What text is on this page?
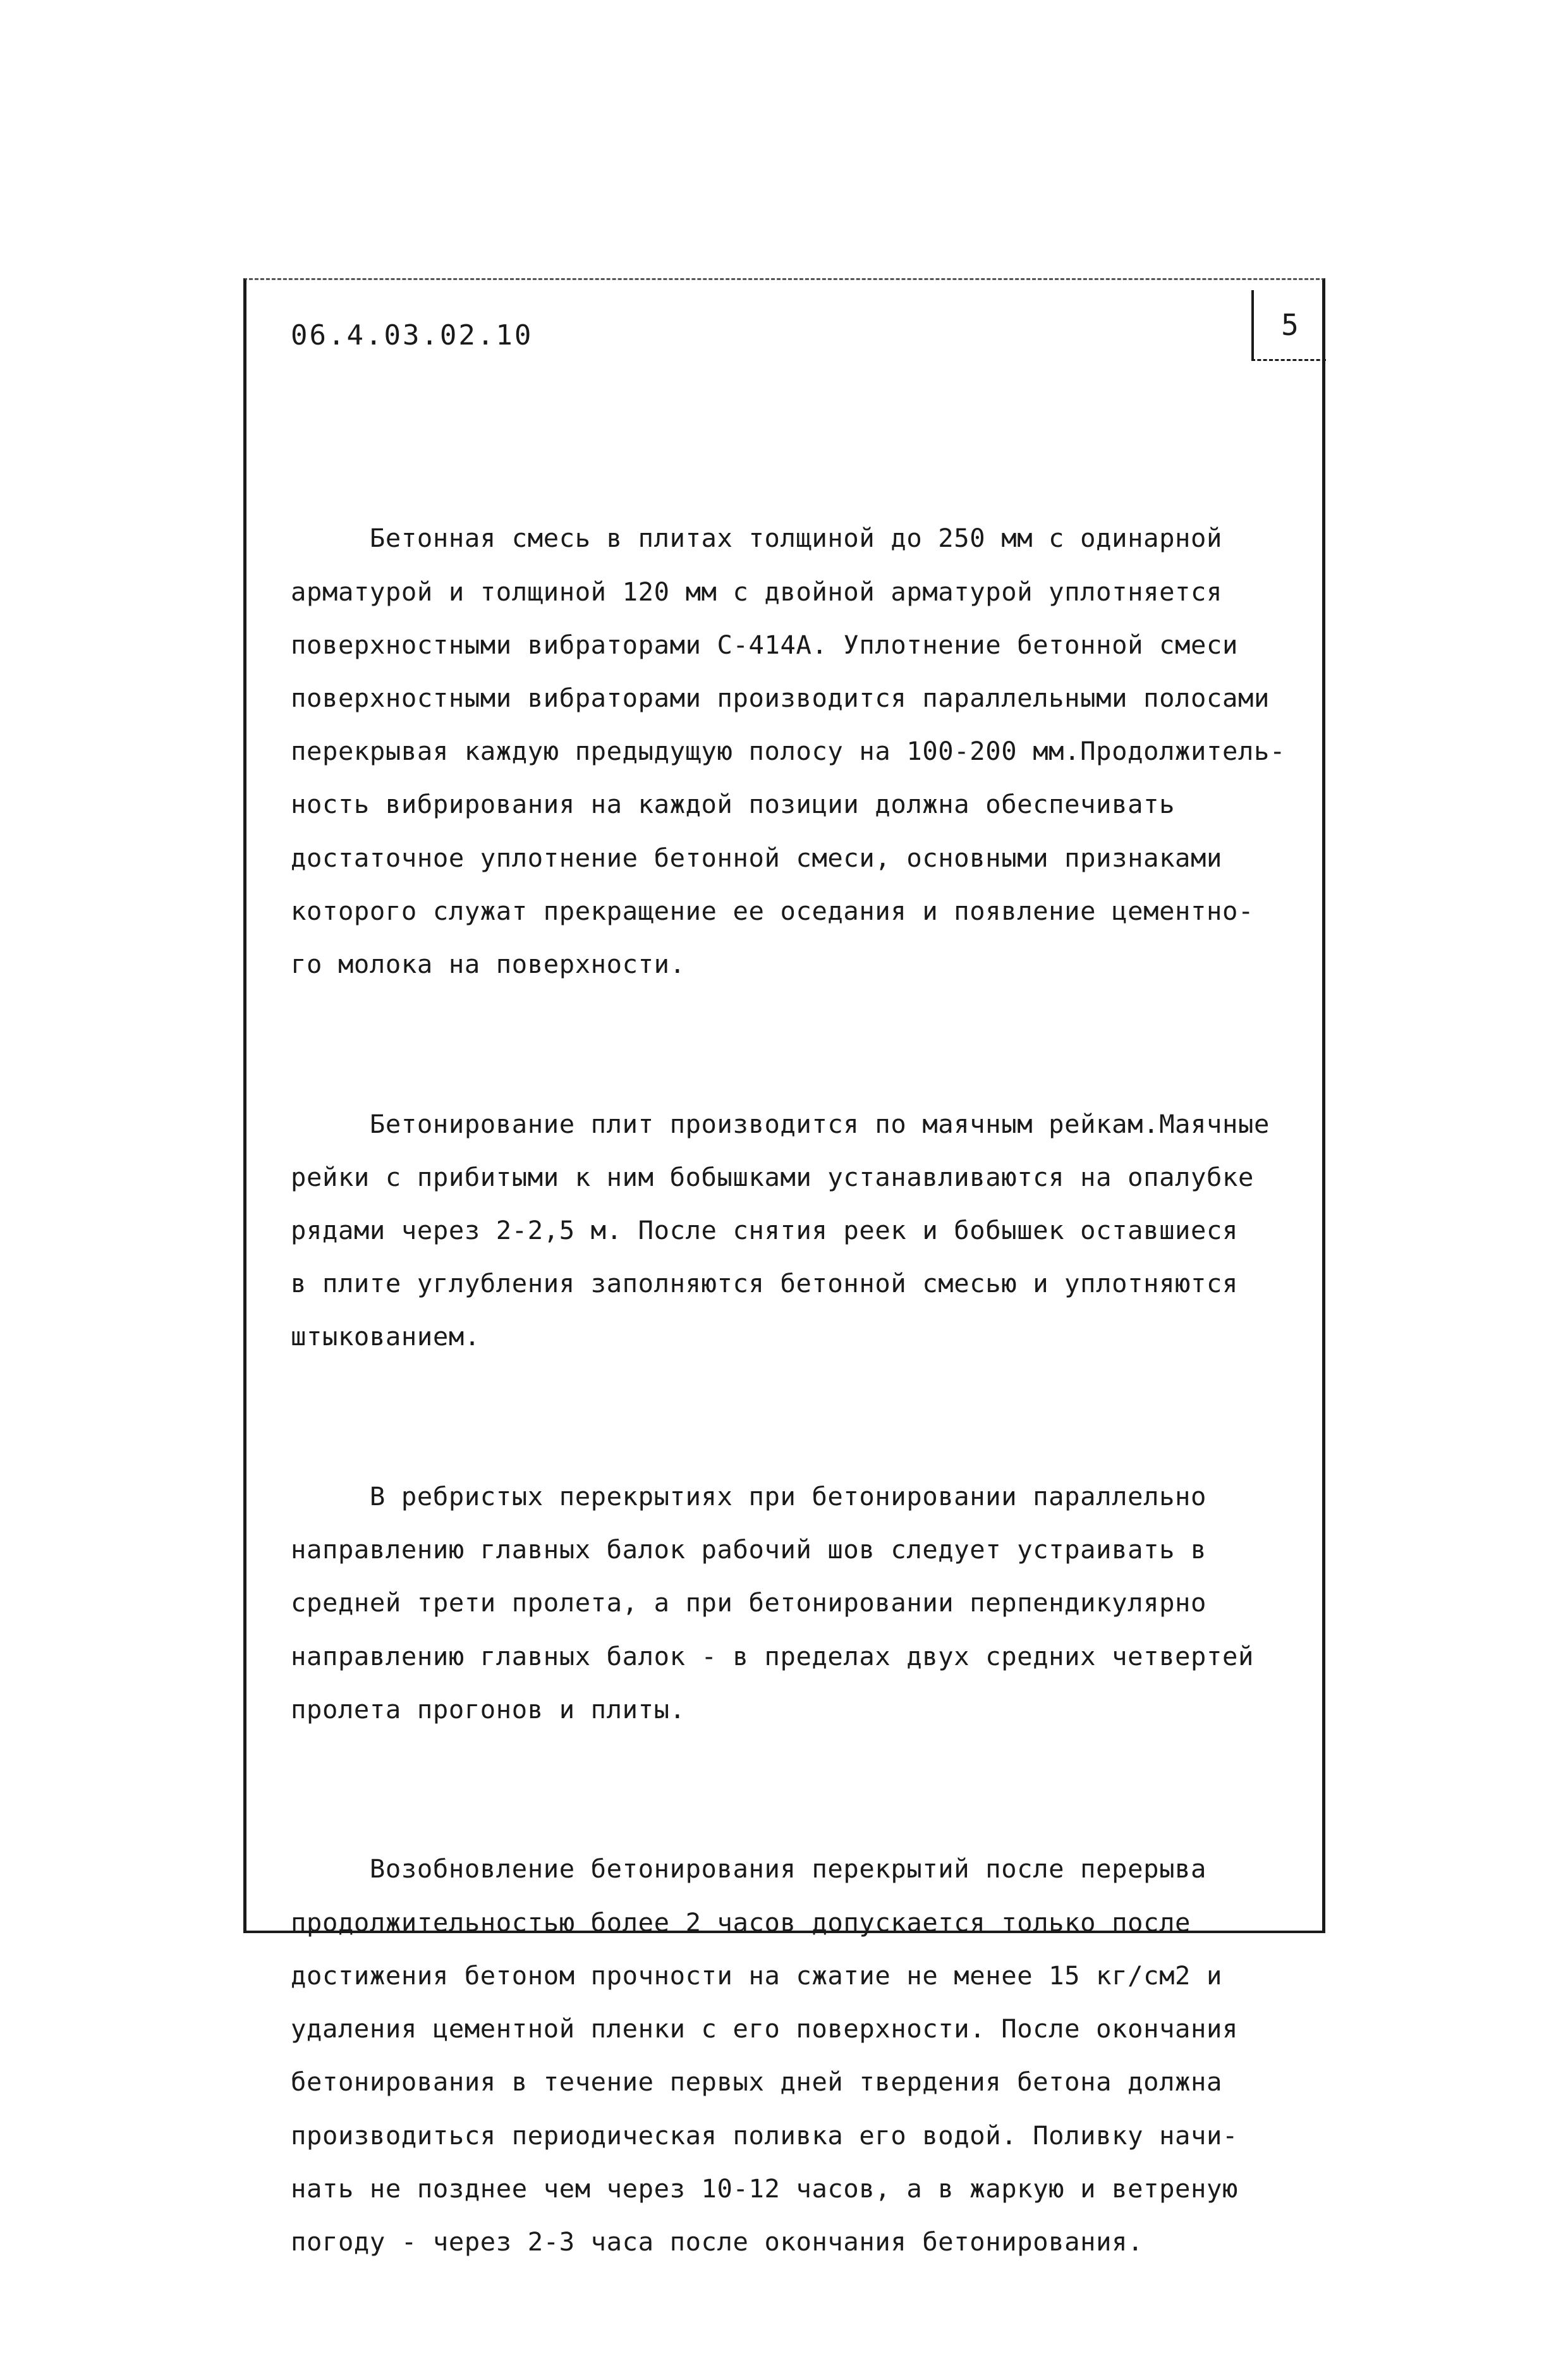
06.4.03.02.10	5

Бетонная смесь в плитах толщиной до 250 мм с одинарной
арматурой и толщиной 120 мм с двойной арматурой уплотняется
поверхностными вибраторами С-414А. Уплотнение бетонной смеси
поверхностными вибраторами производится параллельными полосами
перекрывая каждую предыдущую полосу на 100-200 мм.Продолжитель-
ность вибрирования на каждой позиции должна обеспечивать
достаточное уплотнение бетонной смеси, основными признаками
которого служат прекращение ее оседания и появление цементно-
го молока на поверхности.

Бетонирование плит производится по маячным рейкам.Маячные
рейки с прибитыми к ним бобышками устанавливаются на опалубке
рядами через 2-2,5 м. После снятия реек и бобышек оставшиеся
в плите углубления заполняются бетонной смесью и уплотняются
штыкованием.

В ребристых перекрытиях при бетонировании параллельно
направлению главных балок рабочий шов следует устраивать в
средней трети пролета, а при бетонировании перпендикулярно
направлению главных балок - в пределах двух средних четвертей
пролета прогонов и плиты.

Возобновление бетонирования перекрытий после перерыва
продолжительностью более 2 часов допускается только после
достижения бетоном прочности на сжатие не менее 15 кг/см2 и
удаления цементной пленки с его поверхности. После окончания
бетонирования в течение первых дней твердения бетона должна
производиться периодическая поливка его водой. Поливку начи-
нать не позднее чем через 10-12 часов, а в жаркую и ветреную
погоду - через 2-3 часа после окончания бетонирования.
